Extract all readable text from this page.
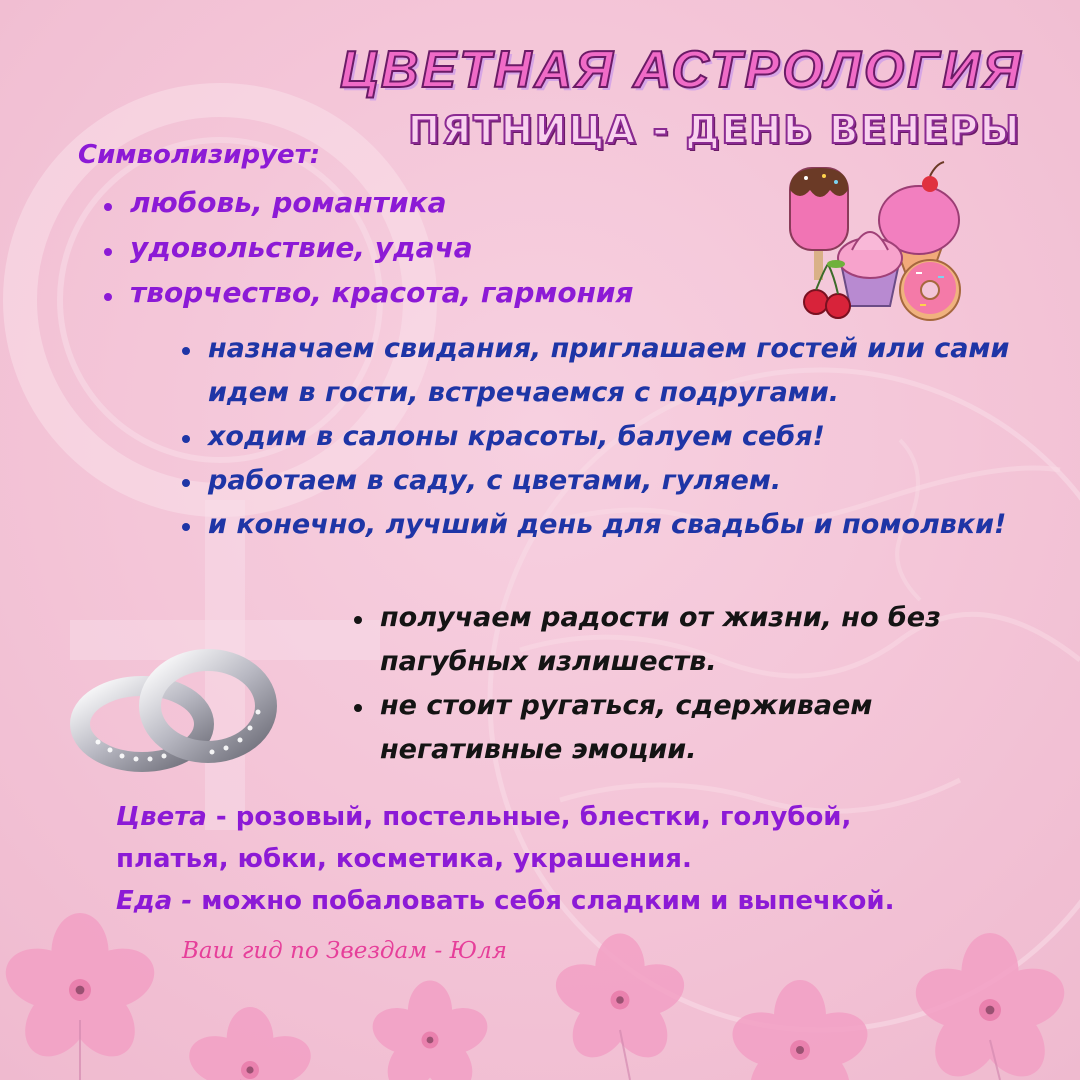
ЦВЕТНАЯ АСТРОЛОГИЯ
ПЯТНИЦА - ДЕНЬ ВЕНЕРЫ
Символизирует:
любовь, романтика
удовольствие, удача
творчество, красота, гармония
назначаем свидания, приглашаем гостей или сами идем в гости, встречаемся с подругами.
ходим в салоны красоты, балуем себя!
работаем в саду, с цветами, гуляем.
и конечно, лучший день для свадьбы и помолвки!
получаем радости от жизни, но без пагубных излишеств.
не стоит ругаться, сдерживаем негативные эмоции.

Цвета - розовый, постельные, блестки, голубой,

платья, юбки, косметика, украшения.

Еда - можно побаловать себя сладким и выпечкой.

Ваш гид по Звездам - Юля
